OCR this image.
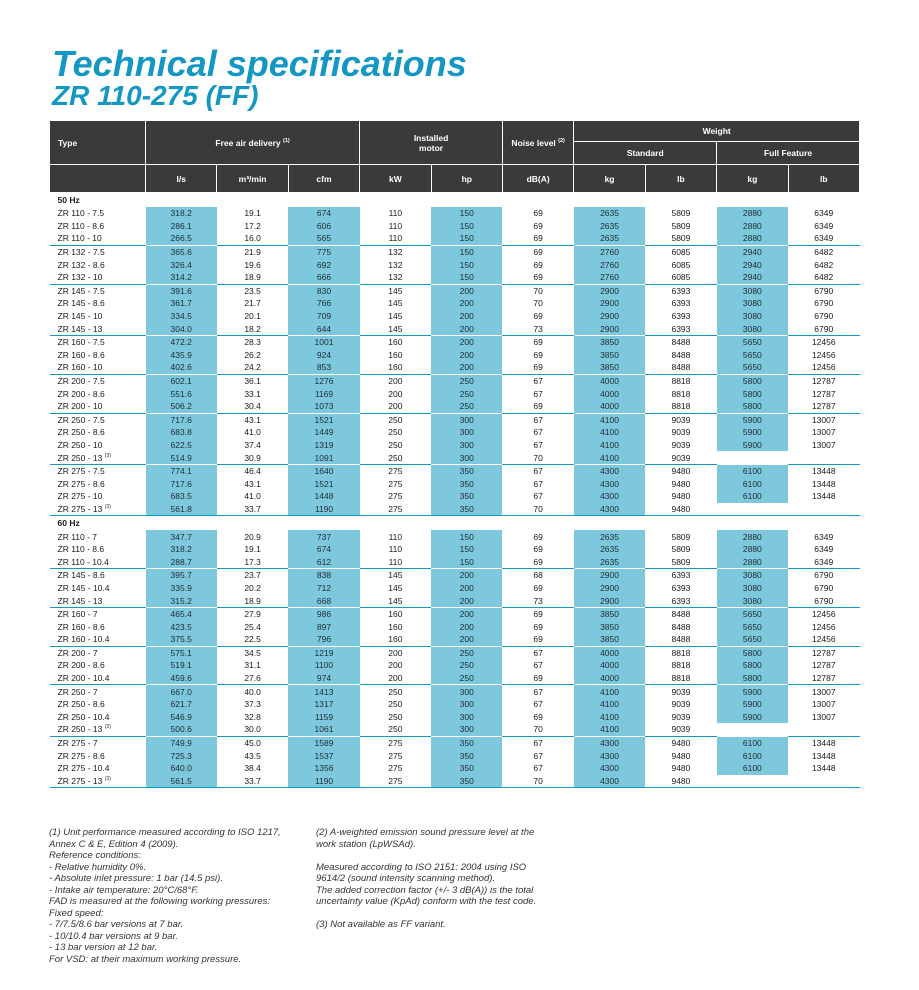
Technical specifications
ZR 110-275 (FF)
Type	Free air delivery $^{(1)}$			Installed motor		Noise level $^{(2)}$	Weight			
							Standard		Full Feature	
	l/s	m³/min	cfm	kW	hp	dB(A)	kg	lb	kg	lb
50 Hz										
ZR 110 - 7.5	318.2	19.1	674	110	150	69	2635	5809	2880	6349
ZR 110 - 8.6	286.1	17.2	606	110	150	69	2635	5809	2880	6349
ZR 110 - 10	266.5	16.0	565	110	150	69	2635	5809	2880	6349
ZR 132 - 7.5	365.6	21.9	775	132	150	69	2760	6085	2940	6482
ZR 132 - 8.6	326.4	19.6	692	132	150	69	2760	6085	2940	6482
ZR 132 - 10	314.2	18.9	666	132	150	69	2760	6085	2940	6482
ZR 145 - 7.5	391.6	23.5	830	145	200	70	2900	6393	3080	6790
ZR 145 - 8.6	361.7	21.7	766	145	200	70	2900	6393	3080	6790
ZR 145 - 10	334.5	20.1	709	145	200	69	2900	6393	3080	6790
ZR 145 - 13	304.0	18.2	644	145	200	73	2900	6393	3080	6790
ZR 160 - 7.5	472.2	28.3	1001	160	200	69	3850	8488	5650	12456
ZR 160 - 8.6	435.9	26.2	924	160	200	69	3850	8488	5650	12456
ZR 160 - 10	402.6	24.2	853	160	200	69	3850	8488	5650	12456
ZR 200 - 7.5	602.1	36.1	1276	200	250	67	4000	8818	5800	12787
ZR 200 - 8.6	551.6	33.1	1169	200	250	67	4000	8818	5800	12787
ZR 200 - 10	506.2	30.4	1073	200	250	69	4000	8818	5800	12787
ZR 250 - 7.5	717.6	43.1	1521	250	300	67	4100	9039	5900	13007
ZR 250 - 8.6	683.8	41.0	1449	250	300	67	4100	9039	5900	13007
ZR 250 - 10	622.5	37.4	1319	250	300	67	4100	9039	5900	13007
ZR 250 - 13 $^{(3)}$	514.9	30.9	1091	250	300	70	4100	9039		
ZR 275 - 7.5	774.1	46.4	1640	275	350	67	4300	9480	6100	13448
ZR 275 - 8.6	717.6	43.1	1521	275	350	67	4300	9480	6100	13448
ZR 275 - 10	683.5	41.0	1448	275	350	67	4300	9480	6100	13448
ZR 275 - 13 $^{(3)}$	561.8	33.7	1190	275	350	70	4300	9480		
60 Hz										
ZR 110 - 7	347.7	20.9	737	110	150	69	2635	5809	2880	6349
ZR 110 - 8.6	318.2	19.1	674	110	150	69	2635	5809	2880	6349
ZR 110 - 10.4	288.7	17.3	612	110	150	69	2635	5809	2880	6349
ZR 145 - 8.6	395.7	23.7	838	145	200	68	2900	6393	3080	6790
ZR 145 - 10.4	335.9	20.2	712	145	200	69	2900	6393	3080	6790
ZR 145 - 13	315.2	18.9	668	145	200	73	2900	6393	3080	6790
ZR 160 - 7	465.4	27.9	986	160	200	69	3850	8488	5650	12456
ZR 160 - 8.6	423.5	25.4	897	160	200	69	3850	8488	5650	12456
ZR 160 - 10.4	375.5	22.5	796	160	200	69	3850	8488	5650	12456
ZR 200 - 7	575.1	34.5	1219	200	250	67	4000	8818	5800	12787
ZR 200 - 8.6	519.1	31.1	1100	200	250	67	4000	8818	5800	12787
ZR 200 - 10.4	459.6	27.6	974	200	250	69	4000	8818	5800	12787
ZR 250 - 7	667.0	40.0	1413	250	300	67	4100	9039	5900	13007
ZR 250 - 8.6	621.7	37.3	1317	250	300	67	4100	9039	5900	13007
ZR 250 - 10.4	546.9	32.8	1159	250	300	69	4100	9039	5900	13007
ZR 250 - 13 $^{(3)}$	500.6	30.0	1061	250	300	70	4100	9039		
ZR 275 - 7	749.9	45.0	1589	275	350	67	4300	9480	6100	13448
ZR 275 - 8.6	725.3	43.5	1537	275	350	67	4300	9480	6100	13448
ZR 275 - 10.4	640.0	38.4	1356	275	350	67	4300	9480	6100	13448
ZR 275 - 13 $^{(3)}$	561.5	33.7	1190	275	350	70	4300	9480		
(1) Unit performance measured according to ISO 1217,
Annex C & E, Edition 4 (2009).
Reference conditions:
- Relative humidity 0%.
- Absolute inlet pressure: 1 bar (14.5 psi).
- Intake air temperature: 20°C/68°F.
FAD is measured at the following working pressures:
Fixed speed:
- 7/7.5/8.6 bar versions at 7 bar.
- 10/10.4 bar versions at 9 bar.
- 13 bar version at 12 bar.
For VSD: at their maximum working pressure.
(2) A-weighted emission sound pressure level at the
work station (LpWSAd).
Measured according to ISO 2151: 2004 using ISO
9614/2 (sound intensity scanning method).
The added correction factor (+/- 3 dB(A)) is the total
uncertainty value (KpAd) conform with the test code.
(3) Not available as FF variant.
